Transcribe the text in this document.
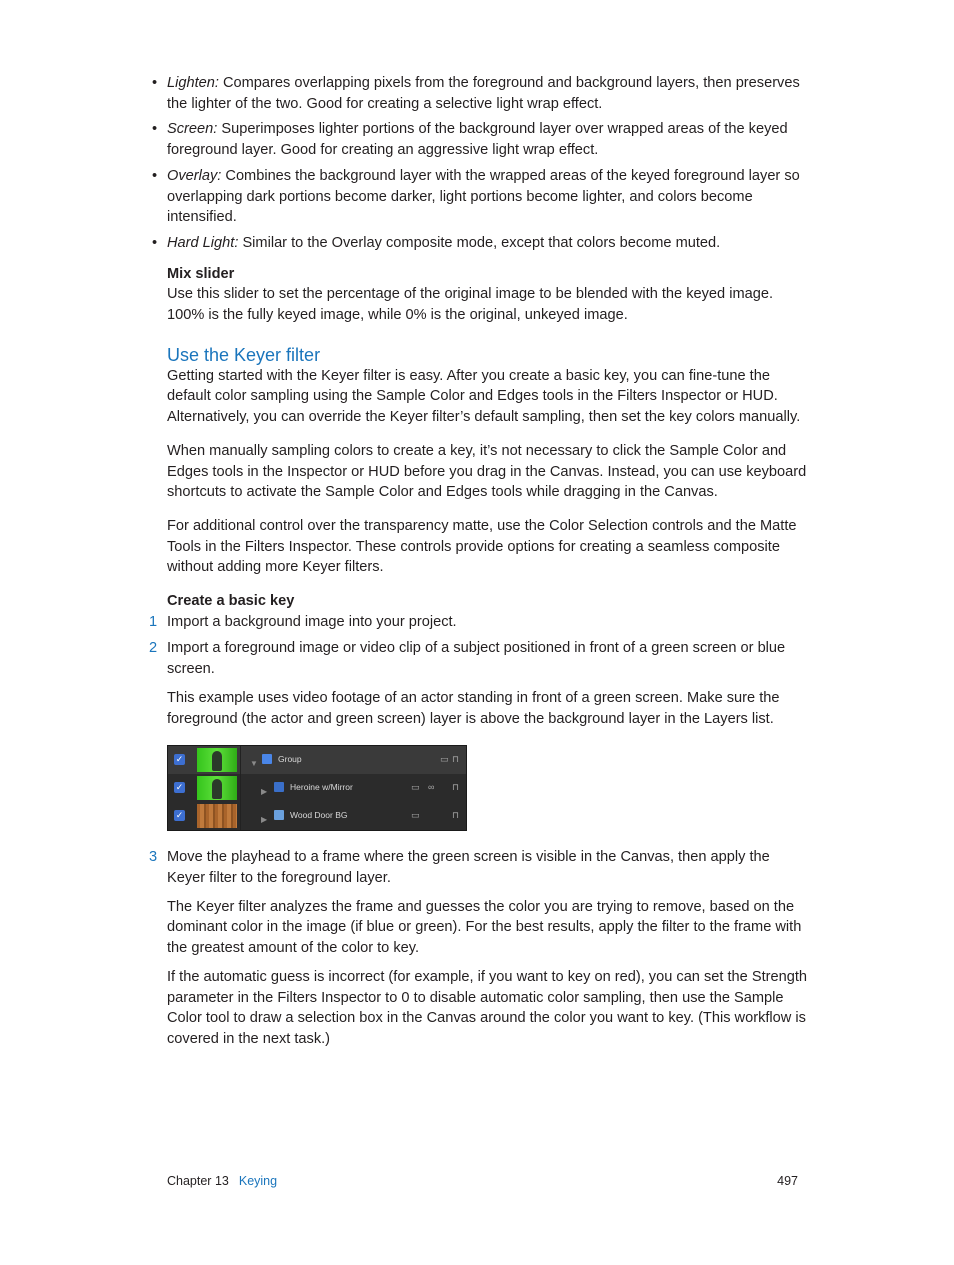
• Lighten: Compares overlapping pixels from the foreground and background layers, then preserves the lighter of the two. Good for creating a selective light wrap effect.
• Screen: Superimposes lighter portions of the background layer over wrapped areas of the keyed foreground layer. Good for creating an aggressive light wrap effect.
• Overlay: Combines the background layer with the wrapped areas of the keyed foreground layer so overlapping dark portions become darker, light portions become lighter, and colors become intensified.
• Hard Light: Similar to the Overlay composite mode, except that colors become muted.
Mix slider

Use this slider to set the percentage of the original image to be blended with the keyed image. 100% is the fully keyed image, while 0% is the original, unkeyed image.

Use the Keyer filter

Getting started with the Keyer filter is easy. After you create a basic key, you can fine-tune the default color sampling using the Sample Color and Edges tools in the Filters Inspector or HUD. Alternatively, you can override the Keyer filter’s default sampling, then set the key colors manually.

When manually sampling colors to create a key, it’s not necessary to click the Sample Color and Edges tools in the Inspector or HUD before you drag in the Canvas. Instead, you can use keyboard shortcuts to activate the Sample Color and Edges tools while dragging in the Canvas.

For additional control over the transparency matte, use the Color Selection controls and the Matte Tools in the Filters Inspector. These controls provide options for creating a seamless composite without adding more Keyer filters.

Create a basic key
1 Import a background image into your project.
2 Import a foreground image or video clip of a subject positioned in front of a green screen or blue screen.
This example uses video footage of an actor standing in front of a green screen. Make sure the foreground (the actor and green screen) layer is above the background layer in the Layers list.
✓	▼ Group	▭ ⊓
✓	▶	Heroine w/Mirror	▭ ∞ ⊓
✓	▶	Wood Door BG	▭	⊓
3 Move the playhead to a frame where the green screen is visible in the Canvas, then apply the Keyer filter to the foreground layer.
The Keyer filter analyzes the frame and guesses the color you are trying to remove, based on the dominant color in the image (if blue or green). For the best results, apply the filter to the frame with the greatest amount of the color to key.
If the automatic guess is incorrect (for example, if you want to key on red), you can set the Strength parameter in the Filters Inspector to 0 to disable automatic color sampling, then use the Sample Color tool to draw a selection box in the Canvas around the color you want to key. (This workflow is covered in the next task.)
Chapter 13 Keying	497
